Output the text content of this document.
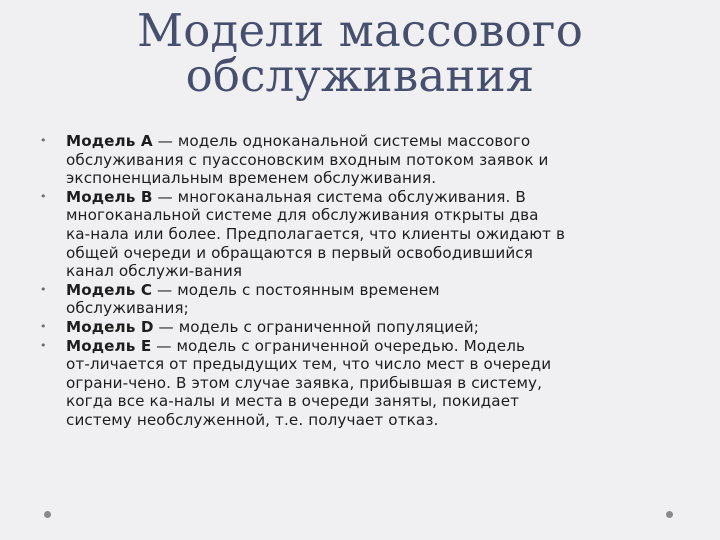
Модели массового
обслуживания
• Модель A — модель одноканальной системы массового
обслуживания с пуассоновским входным потоком заявок и
экспоненциальным временем обслуживания.
• Модель B — многоканальная система обслуживания. В
многоканальной системе для обслуживания открыты два
ка-нала или более. Предполагается, что клиенты ожидают в
общей очереди и обращаются в первый освободившийся
канал обслужи-вания
• Модель C — модель с постоянным временем
обслуживания;
• Модель D — модель с ограниченной популяцией;
• Модель E — модель с ограниченной очередью. Модель
от-личается от предыдущих тем, что число мест в очереди
ограни-чено. В этом случае заявка, прибывшая в систему,
когда все ка-налы и места в очереди заняты, покидает
систему необслуженной, т.е. получает отказ.
